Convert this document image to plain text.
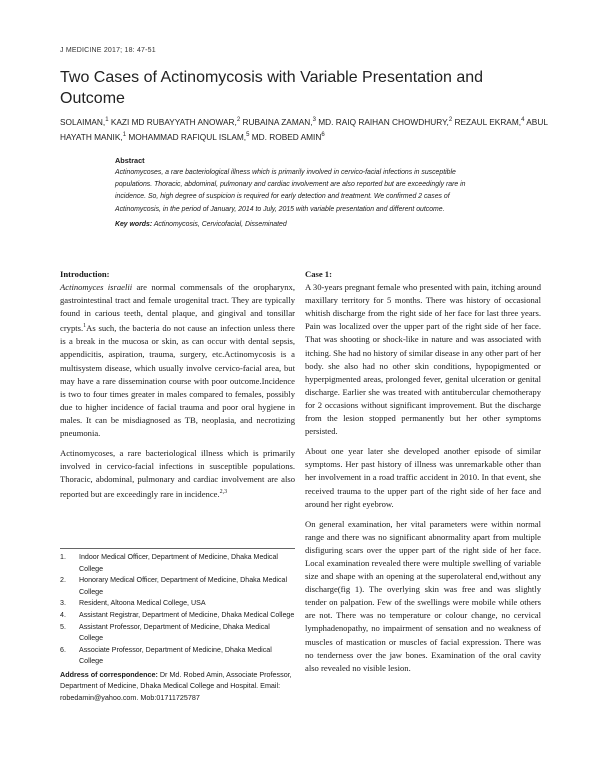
J MEDICINE 2017; 18: 47-51
Two Cases of Actinomycosis with Variable Presentation and Outcome
SOLAIMAN,$^1$ KAZI MD RUBAYYATH ANOWAR,$^2$ RUBAINA ZAMAN,$^3$ MD. RAIQ RAIHAN CHOWDHURY,$^2$ REZAUL EKRAM,$^4$ ABUL HAYATH MANIK,$^1$ MOHAMMAD RAFIQUL ISLAM,$^5$ MD. ROBED AMIN$^6$
Abstract
Actinomycoses, a rare bacteriological illness which is primarily involved in cervico-facial infections in susceptible populations. Thoracic, abdominal, pulmonary and cardiac involvement are also reported but are exceedingly rare in incidence. So, high degree of suspicion is required for early detection and treatment. We confirmed 2 cases of Actinomycosis, in the period of January, 2014 to July, 2015 with variable presentation and different outcome.
Key words: Actinomycosis, Cervicofacial, Disseminated
Introduction:

Actinomyces israelii are normal commensals of the oropharynx, gastrointestinal tract and female urogenital tract. They are typically found in carious teeth, dental plaque, and gingival and tonsillar crypts.$^1$As such, the bacteria do not cause an infection unless there is a break in the mucosa or skin, as can occur with dental sepsis, appendicitis, aspiration, trauma, surgery, etc.Actinomycosis is a multisystem disease, which usually involve cervico-facial area, but may have a rare dissemination course with poor outcome.Incidence is two to four times greater in males compared to females, possibly due to higher incidence of facial trauma and poor oral hygiene in males. It can be misdiagnosed as TB, neoplasia, and necrotizing pneumonia.

Actinomycoses, a rare bacteriological illness which is primarily involved in cervico-facial infections in susceptible populations. Thoracic, abdominal, pulmonary and cardiac involvement are also reported but are exceedingly rare in incidence.$^{2,3}$

1.	Indoor Medical Officer, Department of Medicine, Dhaka Medical College
2.	Honorary Medical Officer, Department of Medicine, Dhaka Medical College
3.	Resident, Altoona Medical College, USA
4.	Assistant Registrar, Department of Medicine, Dhaka Medical College
5.	Assistant Professor, Department of Medicine, Dhaka Medical College
6.	Associate Professor, Department of Medicine, Dhaka Medical College
Address of correspondence: Dr Md. Robed Amin, Associate Professor, Department of Medicine, Dhaka Medical College and Hospital. Email: robedamin@yahoo.com. Mob:01711725787
Case 1:

A 30-years pregnant female who presented with pain, itching around maxillary territory for 5 months. There was history of occasional whitish discharge from the right side of her face for last three years. Pain was localized over the upper part of the right side of her face. That was shooting or shock-like in nature and was associated with itching. She had no history of similar disease in any other part of her body. she also had no other skin conditions, hypopigmented or hyperpigmented areas, prolonged fever, genital ulceration or genital discharge. Earlier she was treated with antitubercular chemotherapy for 2 occasions without significant improvement. But the discharge from the lesion stopped permanently but her other symptoms persisted.

About one year later she developed another episode of similar symptoms. Her past history of illness was unremarkable other than her involvement in a road traffic accident in 2010. In that event, she received trauma to the upper part of the right side of her face and around her right eyebrow.

On general examination, her vital parameters were within normal range and there was no significant abnormality apart from multiple disfiguring scars over the upper part of the right side of her face. Local examination revealed there were multiple swelling of variable size and shape with an opening at the superolateral end,without any discharge(fig 1). The overlying skin was free and was slightly tender on palpation. Few of the swellings were mobile while others are not. There was no temperature or colour change, no cervical lymphadenopathy, no impairment of sensation and no weakness of muscles of mastication or muscles of facial expression. There was no tenderness over the jaw bones. Examination of the oral cavity also revealed no visible lesion.
